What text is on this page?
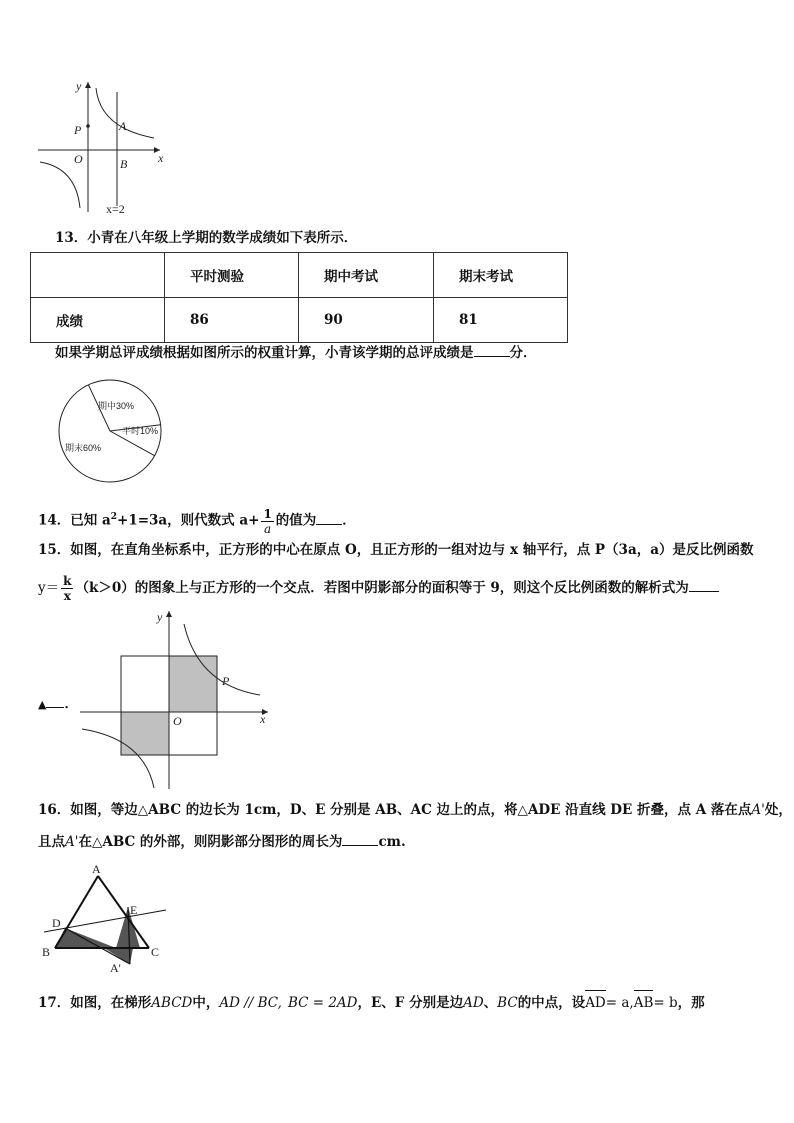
y
x
O
P	A
B
x=2
13．小青在八年级上学期的数学成绩如下表所示．
	平时测验	期中考试	期末考试
成绩	86	90	81
如果学期总评成绩根据如图所示的权重计算，小青该学期的总评成绩是	分．
期中30%
平时10%
期末60%
14．已知 $a^2+1=3a$，则代数式 $a+ \frac{1}{a}$ 的值为 ．
15．如图，在直角坐标系中，正方形的中心在原点 O，且正方形的一组对边与 x 轴平行，点 P（3a，a）是反比例函数
$y= \frac{k}{x} (k>0)$的图象上与正方形的一个交点．若图中阴影部分的面积等于 9，则这个反比例函数的解析式为
▲ ．
y
x
O
P
16．如图，等边△ABC 的边长为 1cm，D、E 分别是 AB、AC 边上的点，将△ADE 沿直线 DE 折叠，点 A 落在点A'处，
且点A'在△ABC 的外部，则阴影部分图形的周长为	cm.
A
D
E
B	C
A'
17．如图，在梯形ABCD中，AD // BC, BC = 2AD，E、F 分别是边AD、BC的中点，设AD= a,AB= b，那
